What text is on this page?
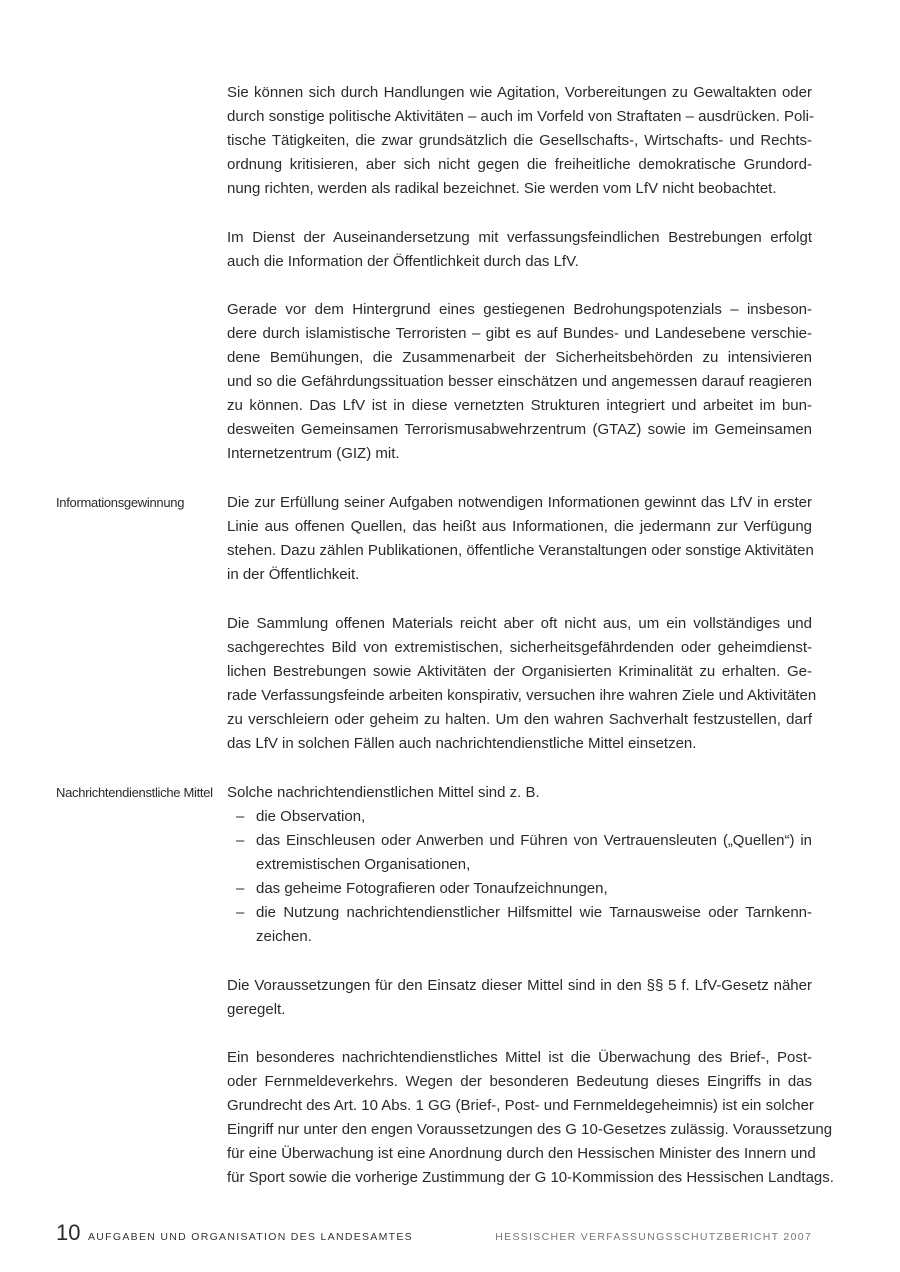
Sie können sich durch Handlungen wie Agitation, Vorbereitungen zu Gewaltakten oder
durch sonstige politische Aktivitäten – auch im Vorfeld von Straftaten – ausdrücken. Poli-
tische Tätigkeiten, die zwar grundsätzlich die Gesellschafts-, Wirtschafts- und Rechts-
ordnung kritisieren, aber sich nicht gegen die freiheitliche demokratische Grundord-
nung richten, werden als radikal bezeichnet. Sie werden vom LfV nicht beobachtet.
Im Dienst der Auseinandersetzung mit verfassungsfeindlichen Bestrebungen erfolgt
auch die Information der Öffentlichkeit durch das LfV.
Gerade vor dem Hintergrund eines gestiegenen Bedrohungspotenzials – insbeson-
dere durch islamistische Terroristen – gibt es auf Bundes- und Landesebene verschie-
dene Bemühungen, die Zusammenarbeit der Sicherheitsbehörden zu intensivieren
und so die Gefährdungssituation besser einschätzen und angemessen darauf reagieren
zu können. Das LfV ist in diese vernetzten Strukturen integriert und arbeitet im bun-
desweiten Gemeinsamen Terrorismusabwehrzentrum (GTAZ) sowie im Gemeinsamen
Internetzentrum (GIZ) mit.
Informationsgewinnung	Die zur Erfüllung seiner Aufgaben notwendigen Informationen gewinnt das LfV in erster
Linie aus offenen Quellen, das heißt aus Informationen, die jedermann zur Verfügung
stehen. Dazu zählen Publikationen, öffentliche Veranstaltungen oder sonstige Aktivitäten
in der Öffentlichkeit.
Die Sammlung offenen Materials reicht aber oft nicht aus, um ein vollständiges und
sachgerechtes Bild von extremistischen, sicherheitsgefährdenden oder geheimdienst-
lichen Bestrebungen sowie Aktivitäten der Organisierten Kriminalität zu erhalten. Ge-
rade Verfassungsfeinde arbeiten konspirativ, versuchen ihre wahren Ziele und Aktivitäten
zu verschleiern oder geheim zu halten. Um den wahren Sachverhalt festzustellen, darf
das LfV in solchen Fällen auch nachrichtendienstliche Mittel einsetzen.
Nachrichtendienstliche Mittel Solche nachrichtendienstlichen Mittel sind z. B.
– die Observation,
– das Einschleusen oder Anwerben und Führen von Vertrauensleuten („Quellen“) in
extremistischen Organisationen,
– das geheime Fotografieren oder Tonaufzeichnungen,
– die Nutzung nachrichtendienstlicher Hilfsmittel wie Tarnausweise oder Tarnkenn-
zeichen.
Die Voraussetzungen für den Einsatz dieser Mittel sind in den §§ 5 f. LfV-Gesetz näher
geregelt.
Ein besonderes nachrichtendienstliches Mittel ist die Überwachung des Brief-, Post-
oder Fernmeldeverkehrs. Wegen der besonderen Bedeutung dieses Eingriffs in das
Grundrecht des Art. 10 Abs. 1 GG (Brief-, Post- und Fernmeldegeheimnis) ist ein solcher
Eingriff nur unter den engen Voraussetzungen des G 10-Gesetzes zulässig. Voraussetzung
für eine Überwachung ist eine Anordnung durch den Hessischen Minister des Innern und
für Sport sowie die vorherige Zustimmung der G 10-Kommission des Hessischen Landtags.
10 AUFGABEN UND ORGANISATION DES LANDESAMTES	HESSISCHER VERFASSUNGSSCHUTZBERICHT 2007
